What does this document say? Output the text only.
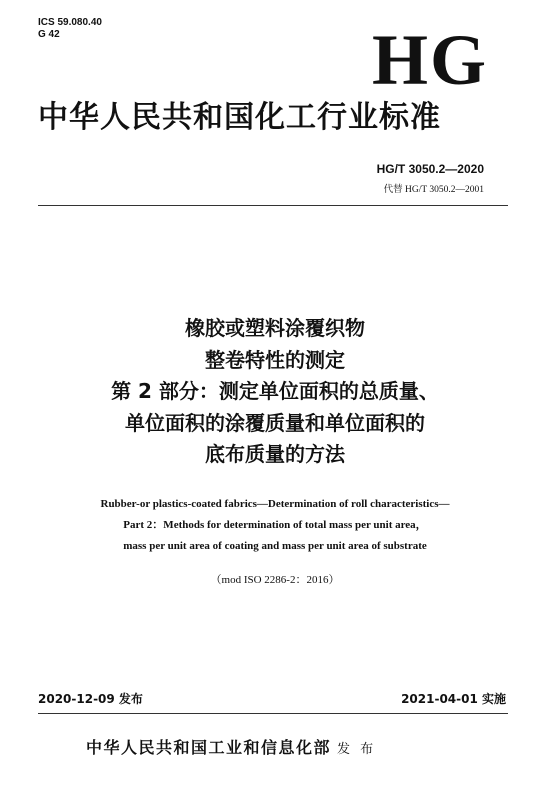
ICS 59.080.40
G 42	HG
中华人民共和国化工行业标准
HG/T 3050.2—2020
代替 HG/T 3050.2—2001
橡胶或塑料涂覆织物
整卷特性的测定
第 2 部分：测定单位面积的总质量、
单位面积的涂覆质量和单位面积的
底布质量的方法
Rubber-or plastics-coated fabrics—Determination of roll characteristics—
Part 2：Methods for determination of total mass per unit area，
mass per unit area of coating and mass per unit area of substrate
（mod ISO 2286-2：2016）
2020-12-09 发布	2021-04-01 实施
中华人民共和国工业和信息化部 发 布
